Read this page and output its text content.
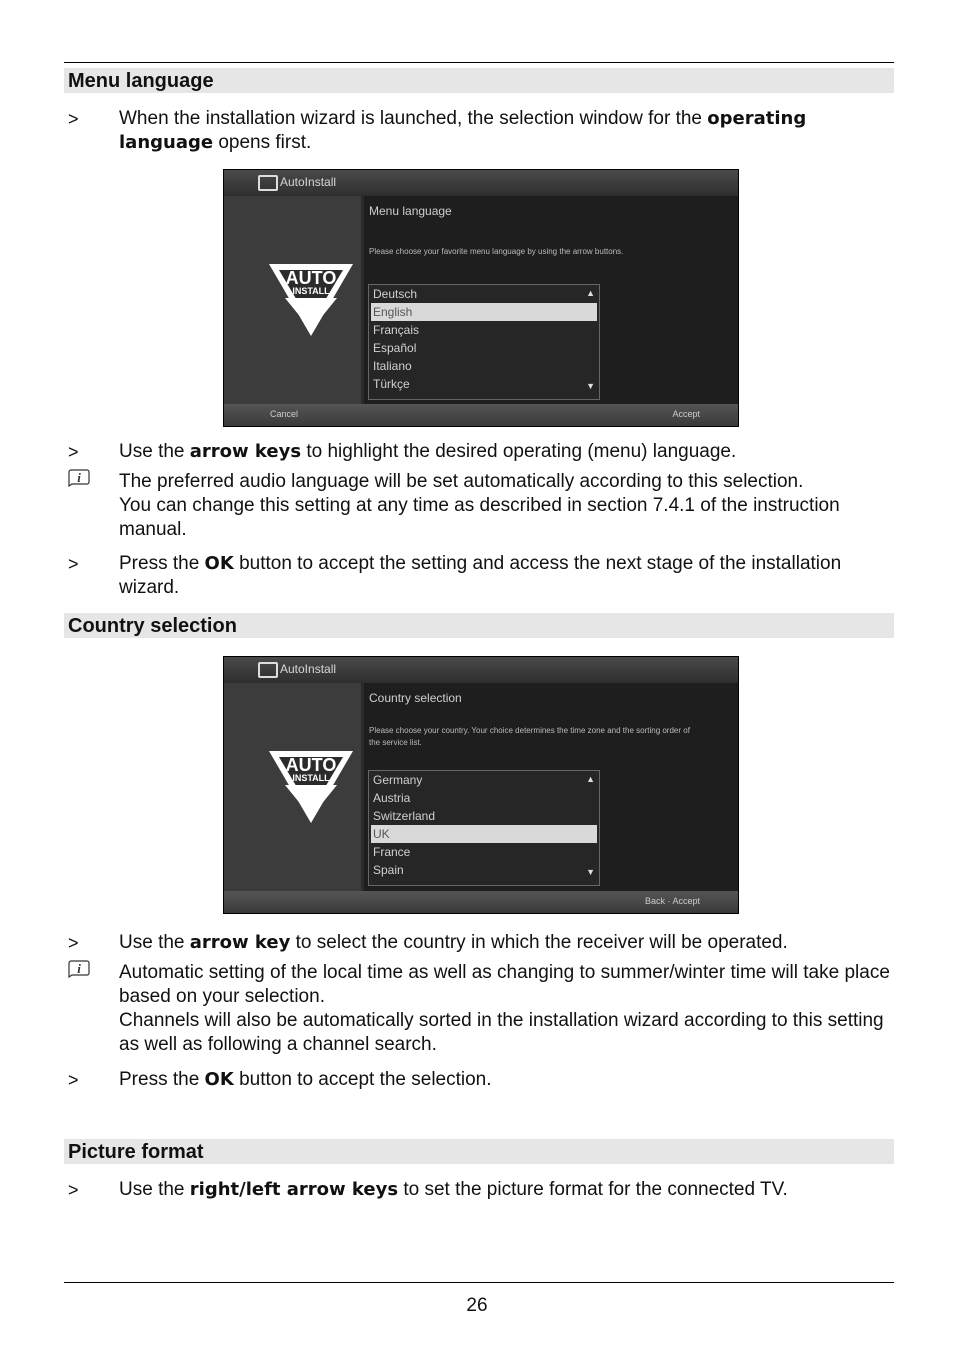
Menu language
> When the installation wizard is launched, the selection window for the operating language opens first.
AutoInstall
AUTO
INSTALL
Menu language
Please choose your favorite menu language by using the arrow buttons.
Deutsch
English
Français
Español
Italiano
Türkçe
▲
▼
Cancel	Accept
> Use the arrow keys to highlight the desired operating (menu) language.
i The preferred audio language will be set automatically according to this selection.
You can change this setting at any time as described in section 7.4.1 of the instruction manual.
> Press the OK button to accept the setting and access the next stage of the installation wizard.
Country selection
AutoInstall
AUTO
INSTALL
Country selection
Please choose your country. Your choice determines the time zone and the sorting order of the service list.
Germany
Austria
Switzerland
UK
France
Spain
▲
▼
Back · Accept
> Use the arrow key to select the country in which the receiver will be operated.
i Automatic setting of the local time as well as changing to summer/winter time will take place based on your selection.
Channels will also be automatically sorted in the installation wizard according to this setting as well as following a channel search.
> Press the OK button to accept the selection.
Picture format
> Use the right/left arrow keys to set the picture format for the connected TV.
26
